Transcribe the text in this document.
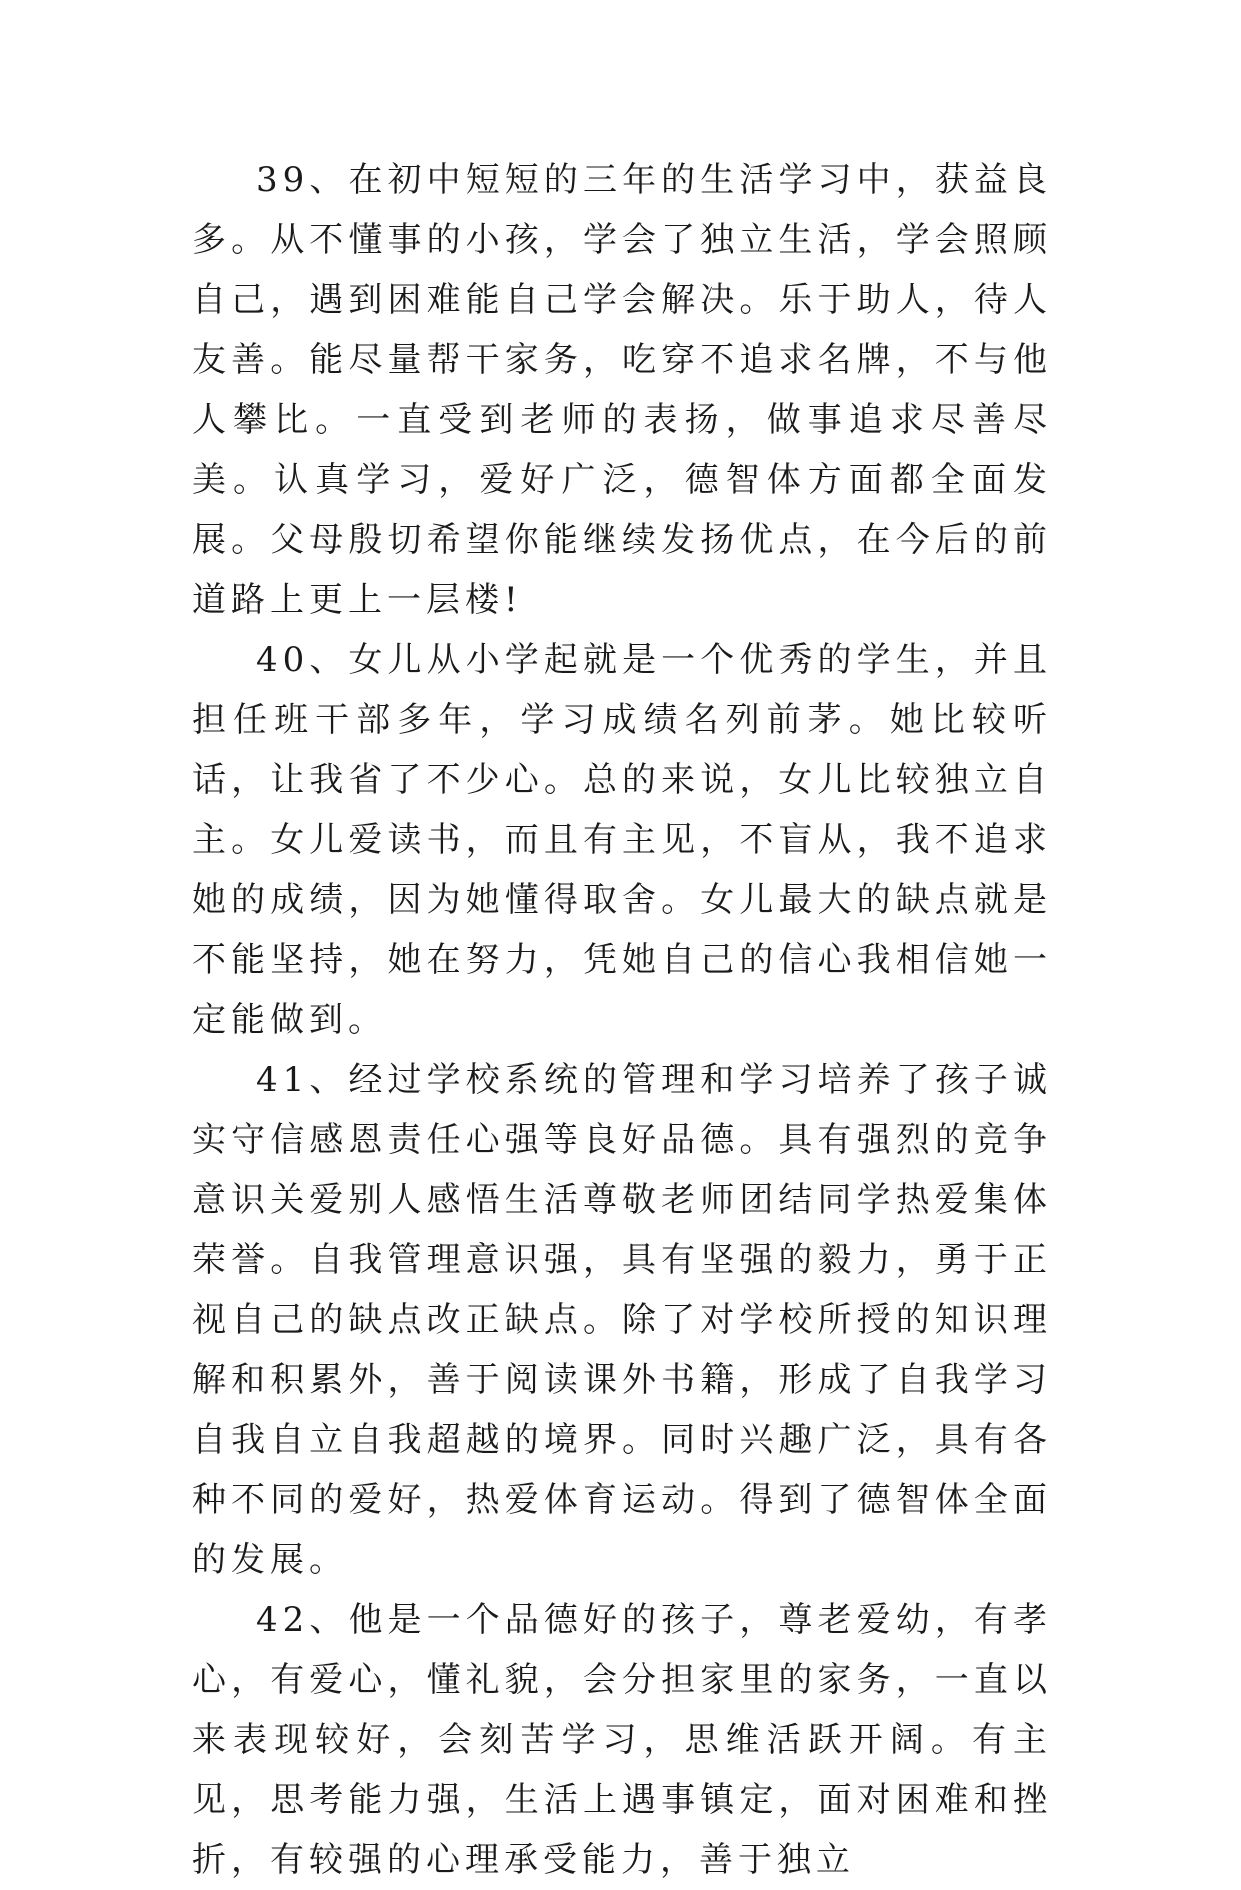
39、在初中短短的三年的生活学习中，获益良多。从不懂事的小孩，学会了独立生活，学会照顾自己，遇到困难能自己学会解决。乐于助人，待人友善。能尽量帮干家务，吃穿不追求名牌，不与他人攀比。一直受到老师的表扬，做事追求尽善尽美。认真学习，爱好广泛，德智体方面都全面发展。父母殷切希望你能继续发扬优点，在今后的前道路上更上一层楼!

40、女儿从小学起就是一个优秀的学生，并且担任班干部多年，学习成绩名列前茅。她比较听话，让我省了不少心。总的来说，女儿比较独立自主。女儿爱读书，而且有主见，不盲从，我不追求她的成绩，因为她懂得取舍。女儿最大的缺点就是不能坚持，她在努力，凭她自己的信心我相信她一定能做到。

41、经过学校系统的管理和学习培养了孩子诚实守信感恩责任心强等良好品德。具有强烈的竞争意识关爱别人感悟生活尊敬老师团结同学热爱集体荣誉。自我管理意识强，具有坚强的毅力，勇于正视自己的缺点改正缺点。除了对学校所授的知识理解和积累外，善于阅读课外书籍，形成了自我学习自我自立自我超越的境界。同时兴趣广泛，具有各种不同的爱好，热爱体育运动。得到了德智体全面的发展。

42、他是一个品德好的孩子，尊老爱幼，有孝心，有爱心，懂礼貌，会分担家里的家务，一直以来表现较好，会刻苦学习，思维活跃开阔。有主见，思考能力强，生活上遇事镇定，面对困难和挫折，有较强的心理承受能力，善于独立
